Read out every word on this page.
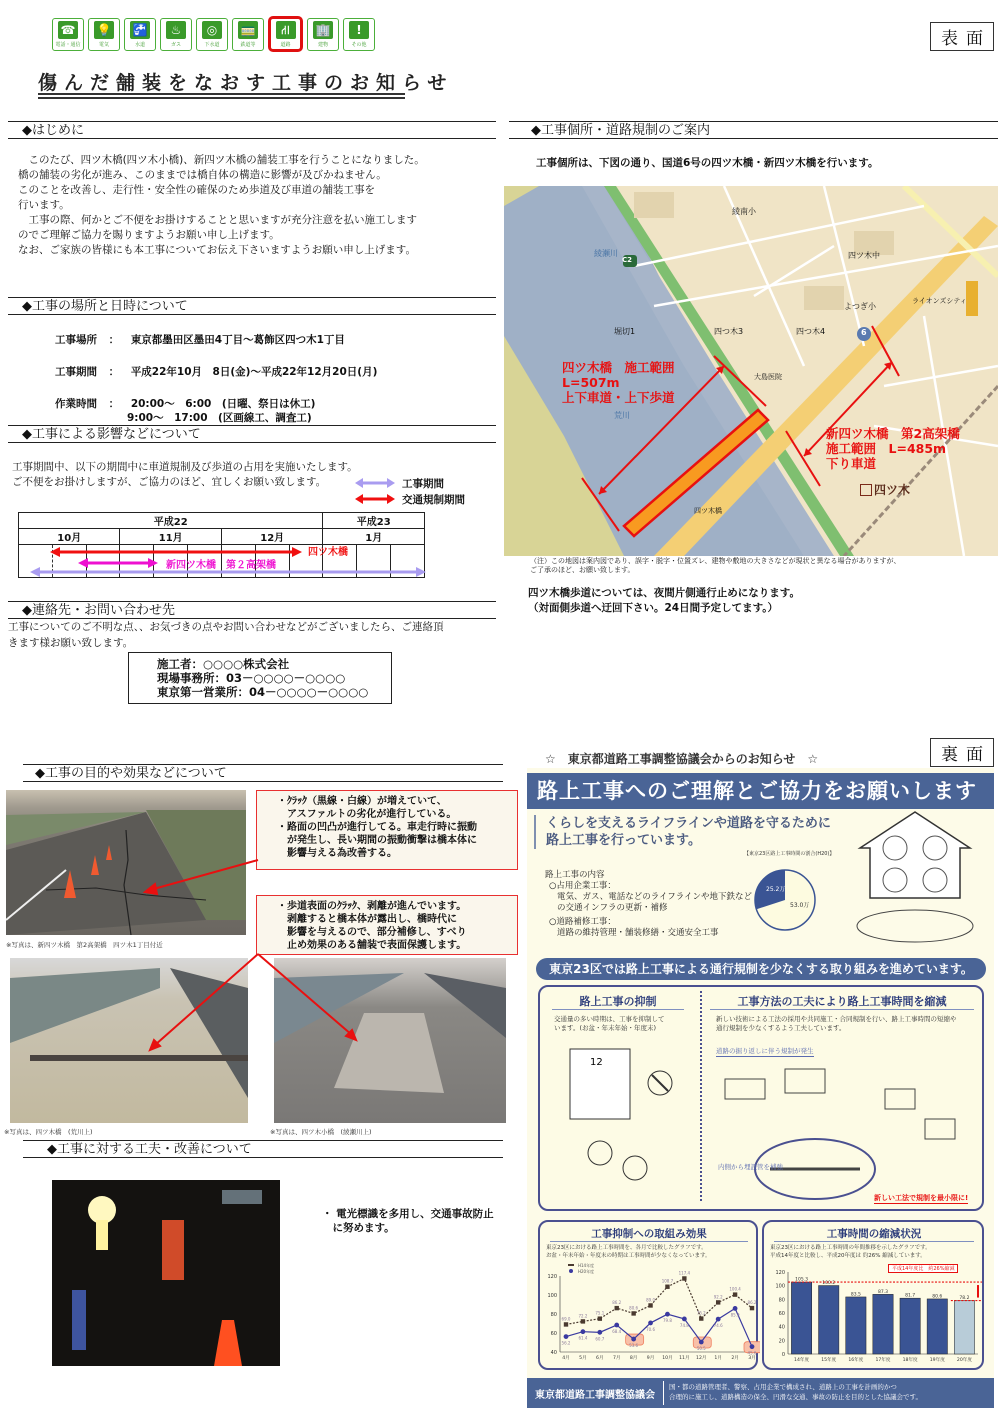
☎
電話・通信
💡
電気
🚰
水道
♨
ガス
◎
下水道
🚃
鉄道等
⛙
道路
🏢
建物
!
その他
傷んだ舗装をなおす工事のお知らせ
表面
◆はじめに
　このたび、四ツ木橋(四ツ木小橋)、新四ツ木橋の舗装工事を行うことになりました。
橋の舗装の劣化が進み、このままでは橋自体の構造に影響が及びかねません。
このことを改善し、走行性・安全性の確保のため歩道及び車道の舗装工事を
行います。
　工事の際、何かとご不便をお掛けすることと思いますが充分注意を払い施工します
のでご理解ご協力を賜りますようお願い申し上げます。
なお、ご家族の皆様にも本工事についてお伝え下さいますようお願い申し上げます。
◆工事の場所と日時について
工事場所 ： 東京都墨田区墨田4丁目～葛飾区四つ木1丁目
工事期間 ： 平成22年10月　8日(金)～平成22年12月20日(月)
作業時間 ： 20:00～　6:00　(日曜、祭日は休工)
9:00～　17:00　(区画線工、調査工)
◆工事による影響などについて
工事期間中、以下の期間中に車道規制及び歩道の占用を実施いたします。
ご不便をお掛けしますが、ご協力のほど、宜しくお願い致します。	工事期間
交通規制期間
平成22									平成23		
10月			11月			12月			1月		

四ツ木橋
新四ツ木橋　第２高架橋
◆連絡先・お問い合わせ先
工事についてのご不明な点、、お気づきの点やお問い合わせなどがございましたら、ご連絡頂
きます様お願い致します。
施工者：○○○○株式会社
現場事務所：03－○○○○－○○○○
東京第一営業所：04－○○○○－○○○○
◆工事個所・道路規制のご案内
工事個所は、下図の通り、国道6号の四ツ木橋・新四ツ木橋を行います。
C2
6
綾瀬川
荒川
綾南小
四ツ木中
よつぎ小
四つ木3	四つ木4
堀切1
ライオンズシティ
大島医院
四ツ木橋
四ツ木橋　施工範囲
L=507m
上下車道・上下歩道
新四ツ木橋　第2高架橋
施工範囲　L=485m
下り車道
四ツ木
（注）この地図は案内図であり、誤字・脱字・位置ズレ、建物や敷地の大きさなどが現状と異なる場合がありますが、
ご了承のほど、お願い致します。
四ツ木橋歩道については、夜間片側通行止めになります。
（対面側歩道へ迂回下さい。24日間予定してます。）
◆工事の目的や効果などについて
※写真は、新四ツ木橋　第2高架橋　四ツ木1丁目付近
・ｸﾗｯｸ（黒線・白線）が増えていて、
　アスファルトの劣化が進行している。
・路面の凹凸が進行してる。車走行時に振動
　が発生し、長い期間の振動衝撃は橋本体に
　影響与える為改善する。
・歩道表面のｸﾗｯｸ、剥離が進んでいます。
　剥離すると橋本体が露出し、橋時代に
　影響を与えるので、部分補修し、すべり
　止め効果のある舗装で表面保護します。
※写真は、四ツ木橋　(荒川上)	※写真は、四ツ木小橋　(綾瀬川上)
◆工事に対する工夫・改善について
・ 電光標識を多用し、交通事故防止
　に努めます。
裏面
☆　東京都道路工事調整協議会からのお知らせ　☆
路上工事へのご理解とご協力をお願いします
くらしを支えるライフラインや道路を守るために
路上工事を行っています。
路上工事の内容
○占用企業工事：
電気、ガス、電話などのライフラインや地下鉄など
の交通インフラの更新・補修
○道路補修工事：
道路の維持管理・舗装修繕・交通安全工事
25.2万
53.0万
【東京23区路上工事時間の割合(H20)】
東京23区では路上工事による通行規制を少なくする取り組みを進めています。
路上工事の抑制
交通量の多い時期は、工事を抑制して
います。(お盆・年末年始・年度末)
工事方法の工夫により路上工事時間を縮減
新しい技術による工法の採用や共同施工・合同規制を行い、路上工事時間の短縮や
通行規制を少なくするよう工夫しています。
道路の掘り返しに伴う規制が発生
12
内側から埋設管を補強
新しい工法で規制を最小限に!
工事抑制への取組み効果
東京23区における路上工事時間を、各月で比較したグラフです。
お盆・年末年始・年度末の時期は工事時間が少なくなっています。
40
60
80
100
120
69.0
72.2
75.1
86.2
80.6
89.0
108.7
117.4
75.2
92.2
100.4
86.2
56.2
61.4 60.7
68.4
53.6
70.6
79.8
74.8
50.5
74.6
85.9
45.6
4月 5月 6月 7月 8月 9月 10月 11月 12月 1月 2月 3月
H14年度
H20年度
工事時間の縮減状況
東京23区における路上工事時間の年間推移を示したグラフです。
平成14年度と比較し、平成20年度は 約26% 縮減しています。
0
20
40
60
80
100
120
105.3
14年度
100.2
15年度
83.5
16年度
87.3
17年度
81.7
18年度
80.6
19年度
78.2
20年度
平成14年度比　約26%縮減
東京都道路工事調整協議会
国・都の道路管理者、警察、占用企業で構成され、道路上の工事を計画的かつ
合理的に施工し、道路構造の保全、円滑な交通、事故の防止を目的とした協議会です。
